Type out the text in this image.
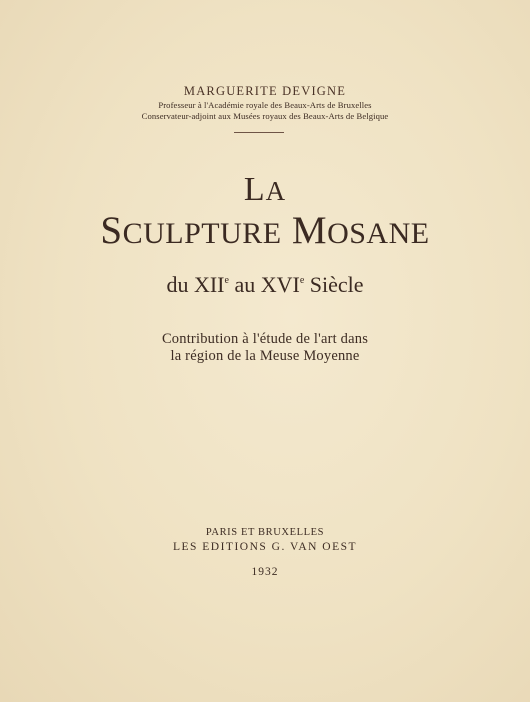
MARGUERITE DEVIGNE
Professeur à l'Académie royale des Beaux-Arts de Bruxelles
Conservateur-adjoint aux Musées royaux des Beaux-Arts de Belgique
LA
SCULPTURE MOSANE
du XIIe au XVIe Siècle
Contribution à l'étude de l'art dans
la région de la Meuse Moyenne
PARIS ET BRUXELLES
LES EDITIONS G. VAN OEST
1932
